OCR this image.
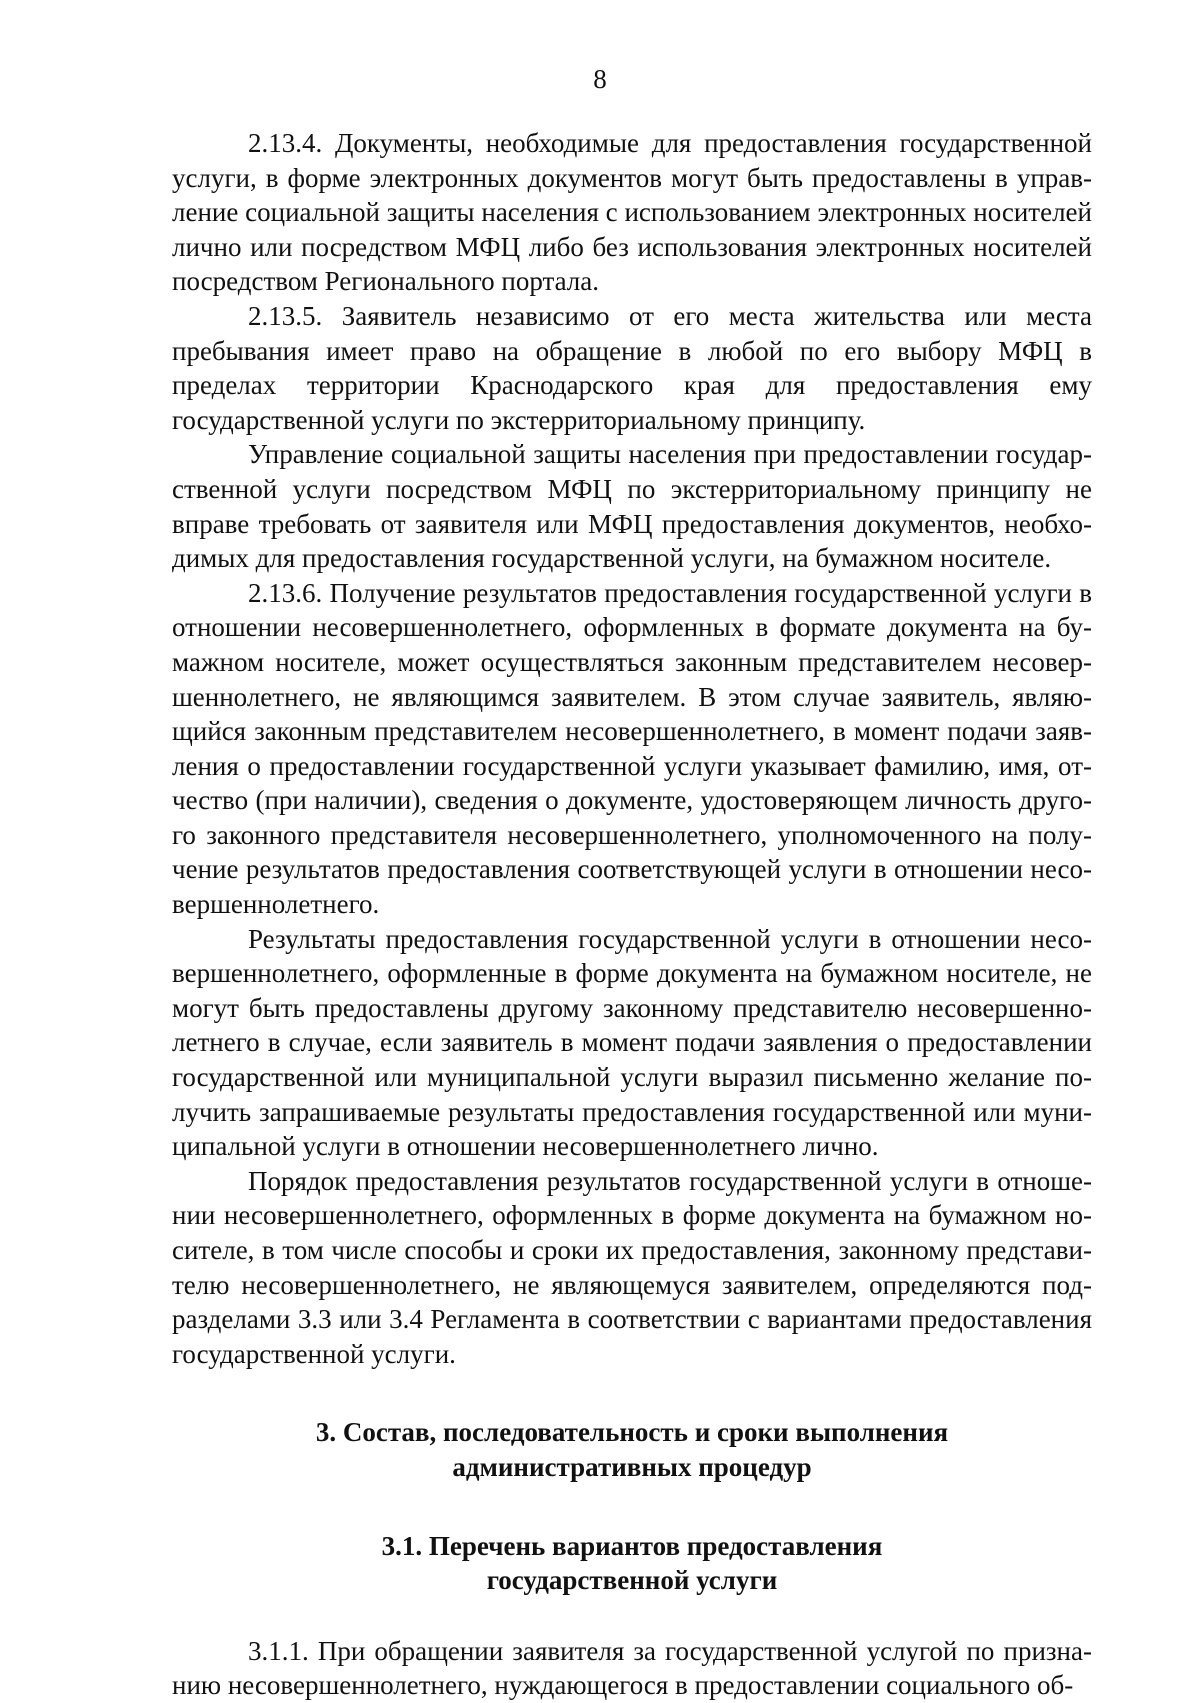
8

2.13.4. Документы, необходимые для предоставления государственной услуги, в форме электронных документов могут быть предоставлены в управление социальной защиты населения с использованием электронных носителей лично или посредством МФЦ либо без использования электронных носителей посредством Регионального портала.

2.13.5. Заявитель независимо от его места жительства или места пребывания имеет право на обращение в любой по его выбору МФЦ в пределах территории Краснодарского края для предоставления ему государственной услуги по экстерриториальному принципу.

Управление социальной защиты населения при предоставлении государственной услуги посредством МФЦ по экстерриториальному принципу не вправе требовать от заявителя или МФЦ предоставления документов, необходимых для предоставления государственной услуги, на бумажном носителе.

2.13.6. Получение результатов предоставления государственной услуги в отношении несовершеннолетнего, оформленных в формате документа на бумажном носителе, может осуществляться законным представителем несовершеннолетнего, не являющимся заявителем. В этом случае заявитель, являющийся законным представителем несовершеннолетнего, в момент подачи заявления о предоставлении государственной услуги указывает фамилию, имя, отчество (при наличии), сведения о документе, удостоверяющем личность другого законного представителя несовершеннолетнего, уполномоченного на получение результатов предоставления соответствующей услуги в отношении несовершеннолетнего.

Результаты предоставления государственной услуги в отношении несовершеннолетнего, оформленные в форме документа на бумажном носителе, не могут быть предоставлены другому законному представителю несовершеннолетнего в случае, если заявитель в момент подачи заявления о предоставлении государственной или муниципальной услуги выразил письменно желание получить запрашиваемые результаты предоставления государственной или муниципальной услуги в отношении несовершеннолетнего лично.

Порядок предоставления результатов государственной услуги в отношении несовершеннолетнего, оформленных в форме документа на бумажном носителе, в том числе способы и сроки их предоставления, законному представителю несовершеннолетнего, не являющемуся заявителем, определяются подразделами 3.3 или 3.4 Регламента в соответствии с вариантами предоставления государственной услуги.

3. Состав, последовательность и сроки выполнения
административных процедур
3.1. Перечень вариантов предоставления
государственной услуги

3.1.1. При обращении заявителя за государственной услугой по признанию несовершеннолетнего, нуждающегося в предоставлении социального об-
